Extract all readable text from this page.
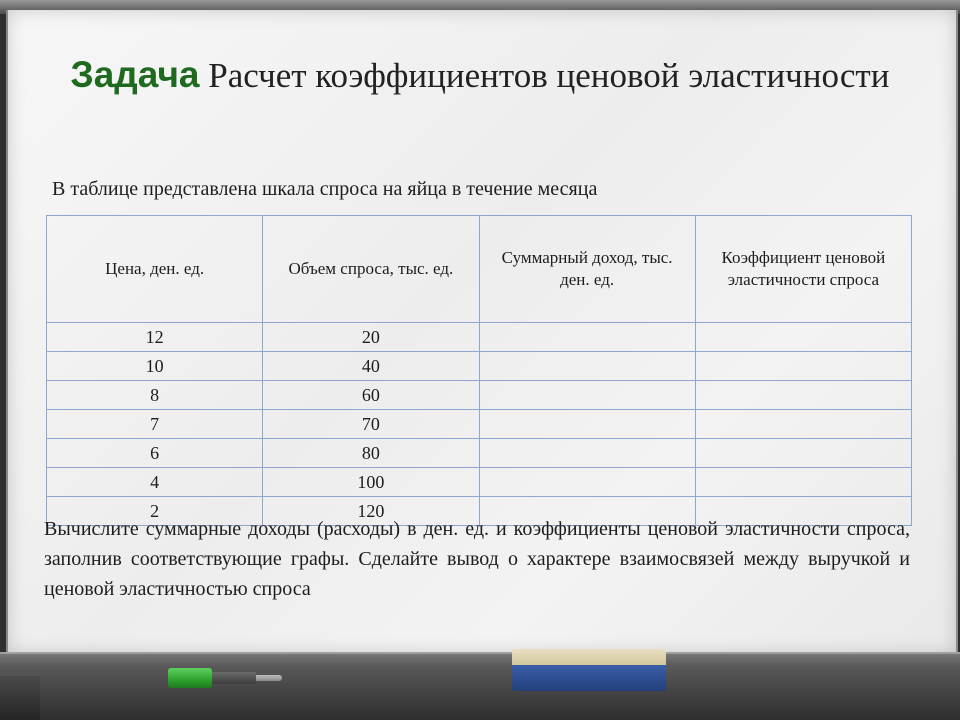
Задача Расчет коэффициентов ценовой эластичности
В таблице представлена шкала спроса на яйца в течение месяца
Цена, ден. ед.	Объем спроса, тыс. ед.	Суммарный доход, тыс. ден. ед.	Коэффициент ценовой эластичности спроса
12	20		
10	40		
8	60		
7	70		
6	80		
4	100		
2	120		
Вычислите суммарные доходы (расходы) в ден. ед. и коэффициенты ценовой эластичности спроса, заполнив соответствующие графы. Сделайте вывод о характере взаимосвязей между выручкой и ценовой эластичностью спроса
